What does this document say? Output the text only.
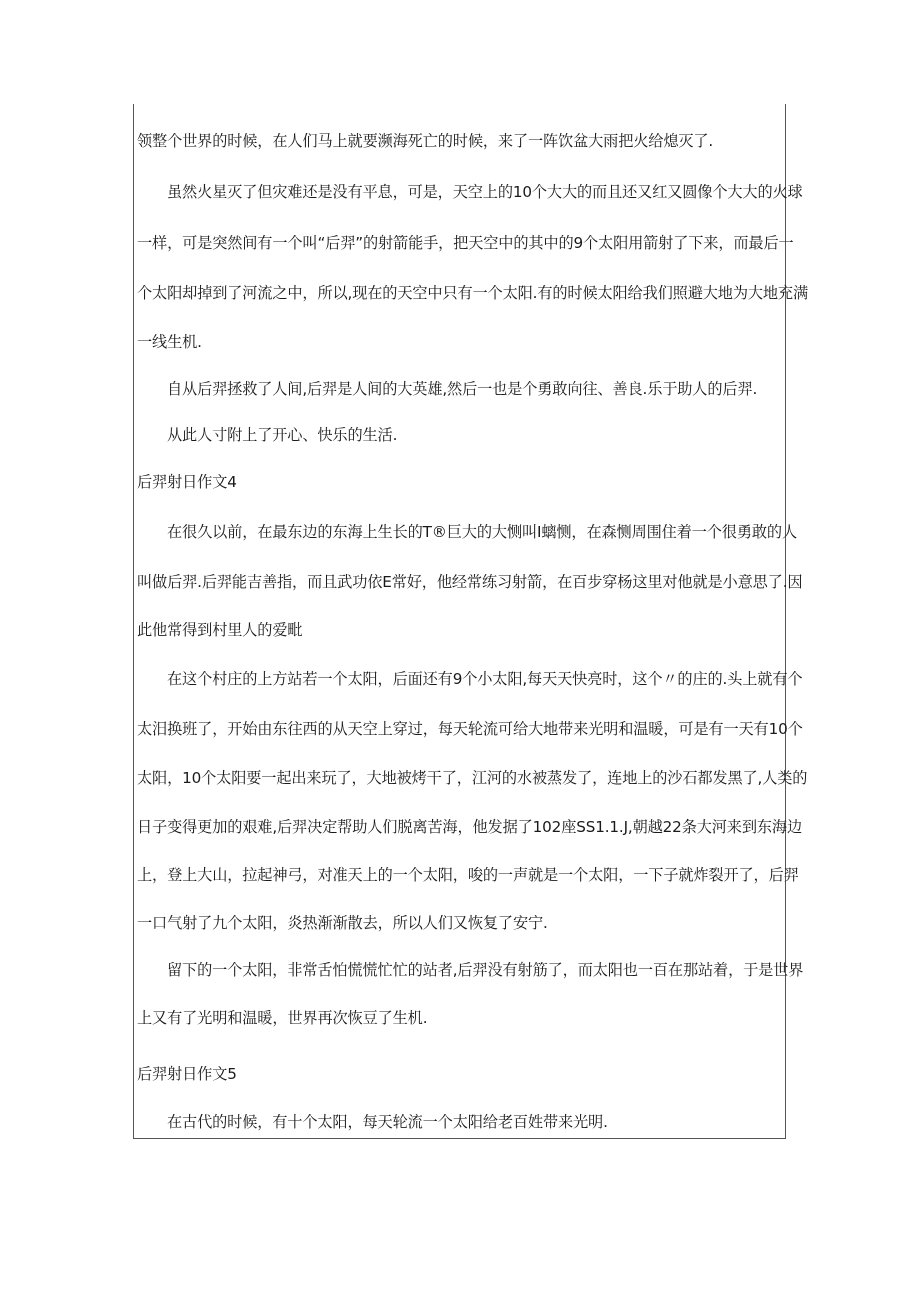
领整个世界的时候，在人们马上就要濒海死亡的时候，来了一阵饮盆大雨把火给熄灭了.
虽然火星灭了但灾难还是没有平息，可是，天空上的10个大大的而且还又红又圆像个大大的火球
一样，可是突然间有一个叫“后羿”的射箭能手，把天空中的其中的9个太阳用箭射了下来，而最后一
个太阳却掉到了河流之中，所以,现在的天空中只有一个太阳.有的时候太阳给我们照避大地为大地充满
一线生机.
自从后羿拯救了人间,后羿是人间的大英雄,然后一也是个勇敢向往、善良.乐于助人的后羿.
从此人寸附上了开心、快乐的生活.
后羿射日作文4
在很久以前，在最东边的东海上生长的T®巨大的大恻叫I螭恻，在森恻周围住着一个很勇敢的人
叫做后羿.后羿能吉善指，而且武功依E常好，他经常练习射箭，在百步穿杨这里对他就是小意思了.因
此他常得到村里人的爱毗
在这个村庄的上方站若一个太阳，后面还有9个小太阳,每天天快亮时，这个〃的庄的.头上就有个
太汨换班了，开始由东往西的从天空上穿过，每天轮流可给大地带来光明和温暖，可是有一天有10个
太阳，10个太阳要一起出来玩了，大地被烤干了，江河的水被蒸发了，连地上的沙石都发黑了,人类的
日子变得更加的艰难,后羿决定帮助人们脱离苦海，他发据了102座SS1.1.J,朝越22条大河来到东海边
上，登上大山，拉起神弓，对准天上的一个太阳，唆的一声就是一个太阳，一下子就炸裂开了，后羿
一口气射了九个太阳，炎热渐渐散去，所以人们又恢复了安宁.
留下的一个太阳，非常舌怕慌慌忙忙的站者,后羿没有射筋了，而太阳也一百在那站着，于是世界
上又有了光明和温暖，世界再次恢豆了生机.
后羿射日作文5
在古代的时候，有十个太阳，每天轮流一个太阳给老百姓带来光明.
